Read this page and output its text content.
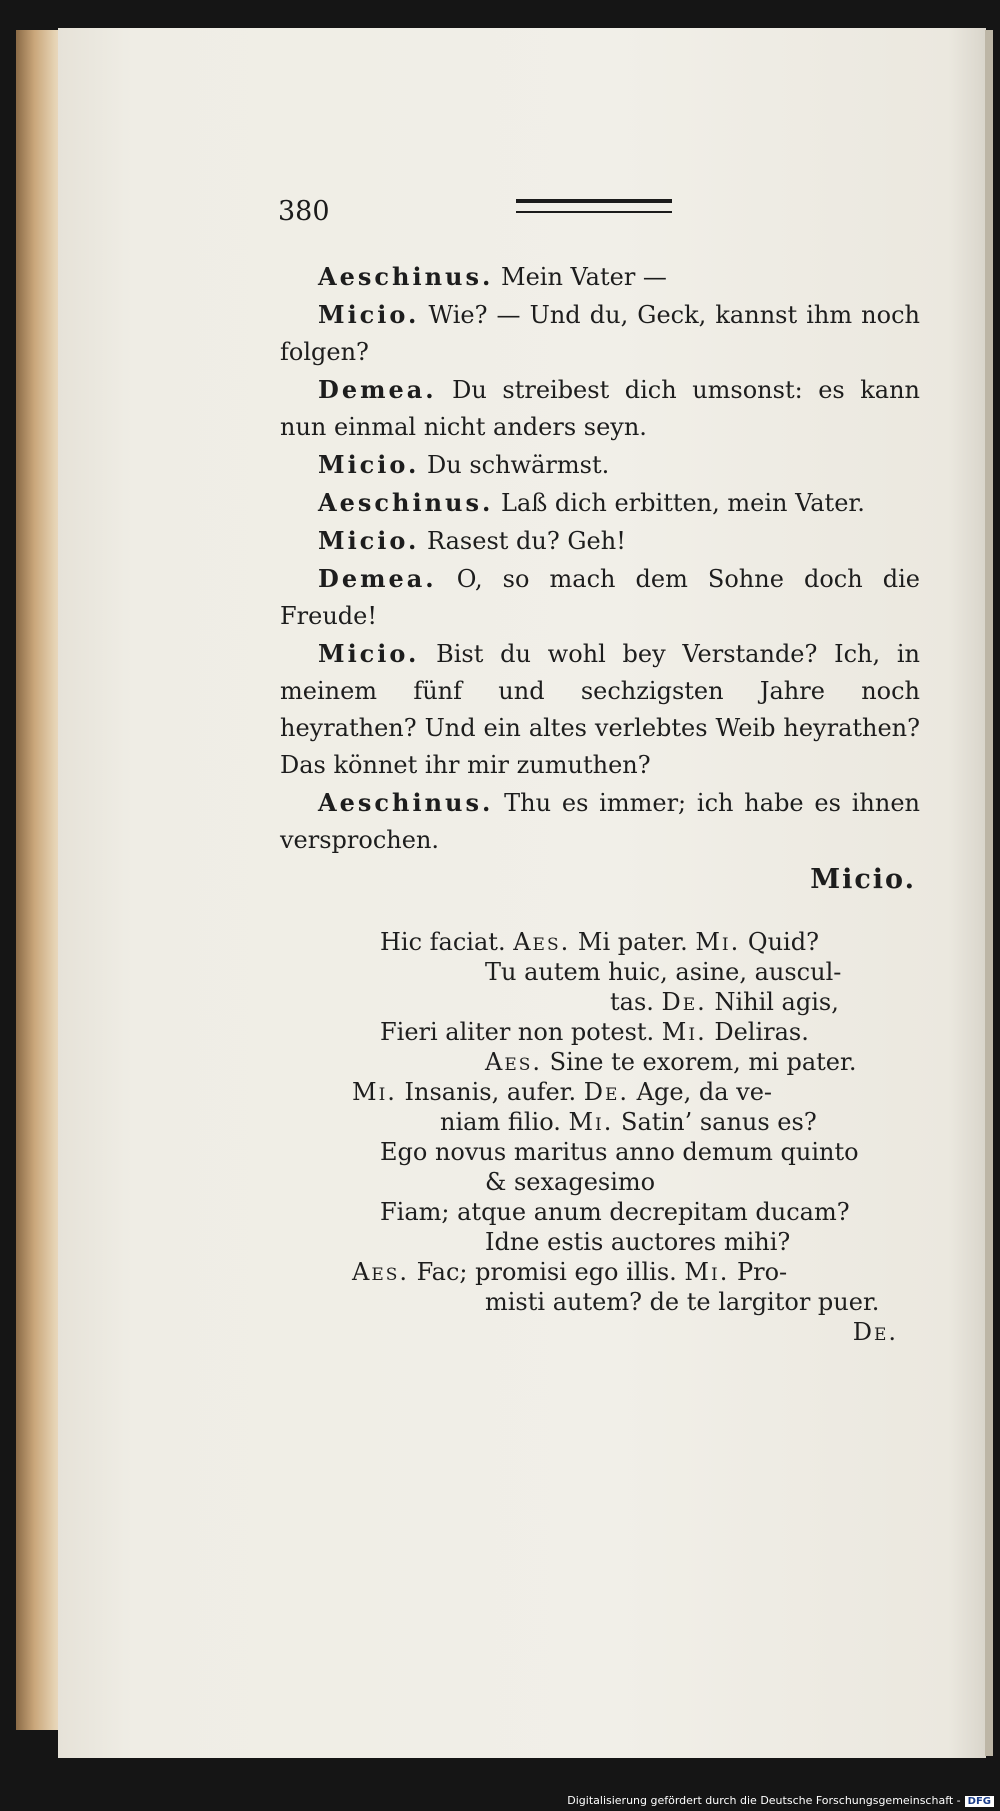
380

Aeschinus. Mein Vater —

Micio. Wie? — Und du, Geck, kannst ihm noch folgen?

Demea. Du streibest dich umsonst: es kann nun einmal nicht anders seyn.

Micio. Du schwärmst.

Aeschinus. Laß dich erbitten, mein Vater.

Micio. Rasest du? Geh!

Demea. O, so mach dem Sohne doch die Freude!

Micio. Bist du wohl bey Verstande? Ich, in meinem fünf und sechzigsten Jahre noch heyrathen? Und ein altes verlebtes Weib heyrathen? Das könnet ihr mir zumuthen?

Aeschinus. Thu es immer; ich habe es ihnen versprochen.

Micio.
Hic faciat. Aes. Mi pater. Mi. Quid?
Tu autem huic, asine, auscul-
tas. De. Nihil agis,
Fieri aliter non potest. Mi. Deliras.
Aes. Sine te exorem, mi pater.
Mi. Insanis, aufer. De. Age, da ve-
niam filio. Mi. Satin’ sanus es?
Ego novus maritus anno demum quinto
& sexagesimo
Fiam; atque anum decrepitam ducam?
Idne estis auctores mihi?
Aes. Fac; promisi ego illis. Mi. Pro-
misti autem? de te largitor puer.
De.
Digitalisierung gefördert durch die Deutsche Forschungsgemeinschaft - DFG
